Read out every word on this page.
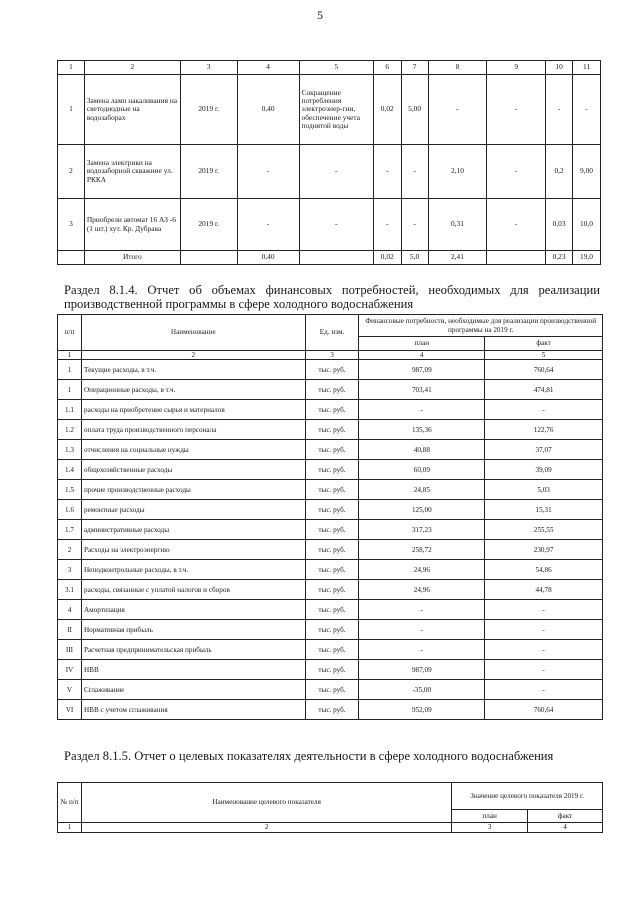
5
1	2	3	4	5	6	7	8	9	10	11
1	Замена ламп накаливания на светодиодные на водозаборах	2019 г.	0,40	Сокращение потребления электроэнер-гии, обеспечение учета поднятой воды	0,02	5,00	-	-	-	-
2	Замена электрики на водозаборной скважине ул. РККА	2019 г.	-	-	-	-	2,10	-	0,2	9,00
3	Приобрели автомат 16 АЗ -6 (1 шт.) хут. Кр. Дубрава	2019 г.	-	-	-	-	0,31	-	0,03	10,0
	Итого		0,40		0,02	5,0	2,41		0,23	19,0
Раздел 8.1.4. Отчет об объемах финансовых потребностей, необходимых для реализации производственной программы в сфере холодного водоснабжения
п/п	Наименование	Ед. изм.	Финансовые потребности, необходимые для реализации производственной программы на 2019 г.	
			план	факт
1	2	3	4	5
1	Текущие расходы, в т.ч.	тыс. руб.	987,09	760,64
1	Операционные расходы, в т.ч.	тыс. руб.	703,41	474,81
1.1	расходы на приобретение сырья и материалов	тыс. руб.	-	-
1.2	оплата труда производственного персонала	тыс. руб.	135,36	122,76
1.3	отчисления на социальные нужды	тыс. руб.	40,88	37,07
1.4	общехозяйственные расходы	тыс. руб.	60,09	39,09
1.5	прочие производственные расходы	тыс. руб.	24,85	5,03
1.6	ремонтные расходы	тыс. руб.	125,00	15,31
1.7	административные расходы	тыс. руб.	317,23	255,55
2	Расходы на электроэнергию	тыс. руб.	258,72	230,97
3	Неподконтрольные расходы, в т.ч.	тыс. руб.	24,96	54,86
3.1	расходы, связанные с уплатой налогов и сборов	тыс. руб.	24,96	44,78
4	Амортизация	тыс. руб.	-	-
II	Нормативная прибыль	тыс. руб.	-	-
III	Расчетная предпринимательская прибыль	тыс. руб.	-	-
IV	НВВ	тыс. руб.	987,09	-
V	Сглаживание	тыс. руб.	-35,00	-
VI	НВВ с учетом сглаживания	тыс. руб.	952,09	760,64
Раздел 8.1.5. Отчет о целевых показателях деятельности в сфере холодного водоснабжения
№ п/п	Наименование целевого показателя	Значение целевого показателя 2019 г.	
		план	факт
1	2	3	4
